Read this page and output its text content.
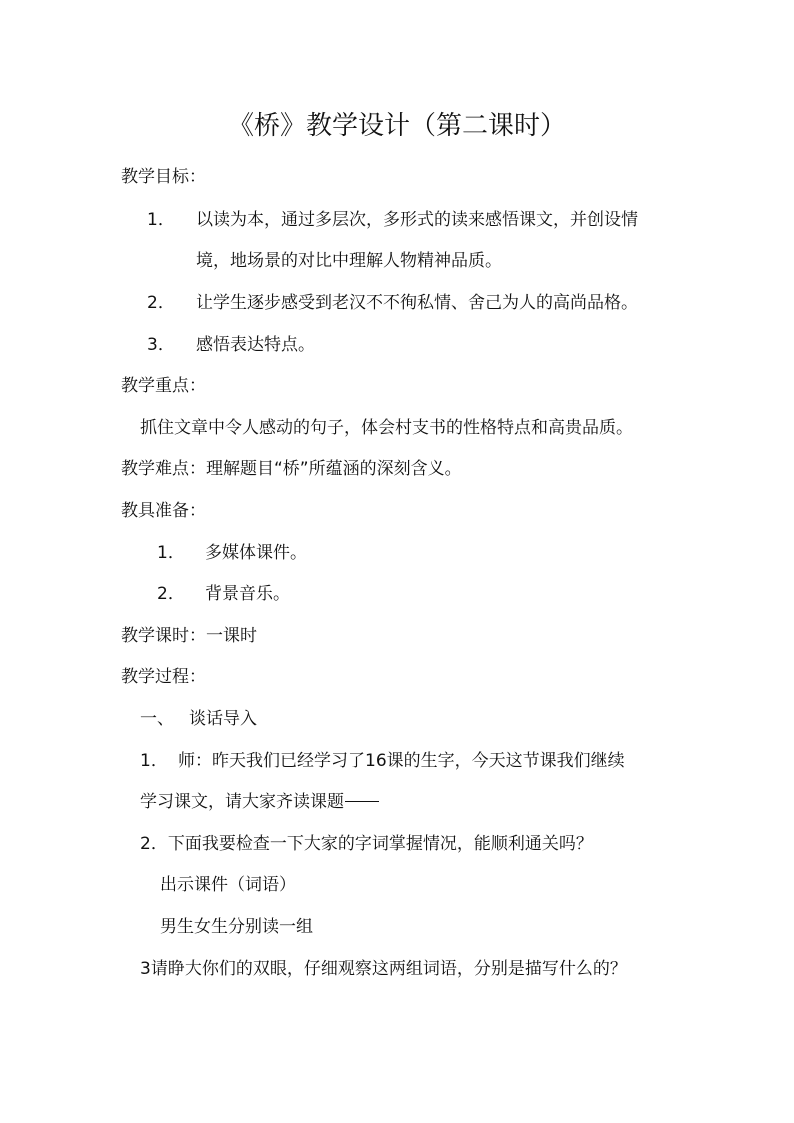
《桥》教学设计（第二课时）
教学目标：
1． 以读为本，通过多层次，多形式的读来感悟课文，并创设情
境，地场景的对比中理解人物精神品质。
2． 让学生逐步感受到老汉不不徇私情、舍己为人的高尚品格。
3． 感悟表达特点。
教学重点：
抓住文章中令人感动的句子，体会村支书的性格特点和高贵品质。
教学难点：理解题目“桥”所蕴涵的深刻含义。
教具准备：
1． 多媒体课件。
2． 背景音乐。
教学课时：一课时
教学过程：
一、 谈话导入
1． 师：昨天我们已经学习了16课的生字，今天这节课我们继续
学习课文，请大家齐读课题
2．下面我要检查一下大家的字词掌握情况，能顺利通关吗？
出示课件（词语）
男生女生分别读一组
3请睁大你们的双眼，仔细观察这两组词语，分别是描写什么的？
